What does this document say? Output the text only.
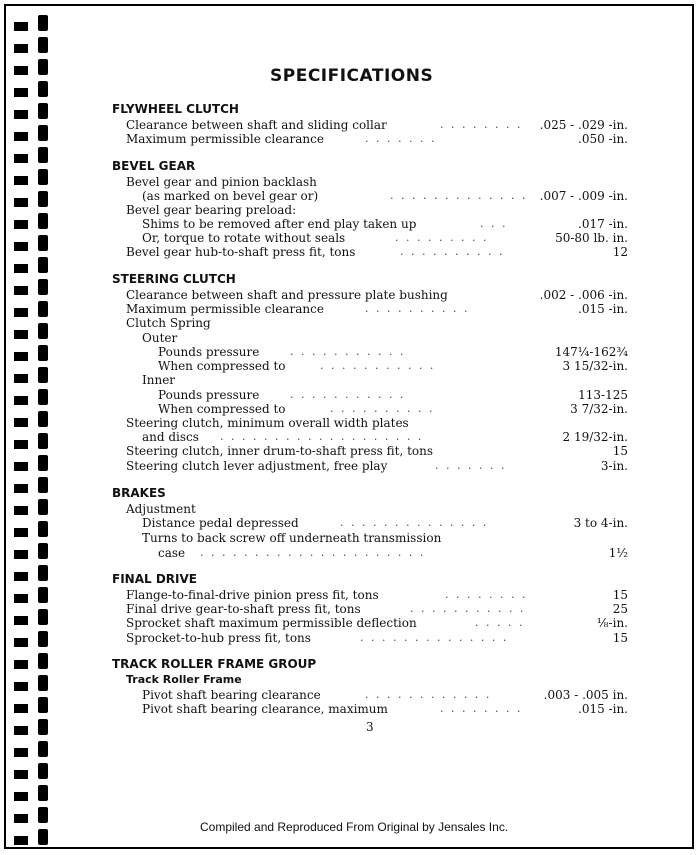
SPECIFICATIONS
FLYWHEEL CLUTCH
Clearance between shaft and sliding collar	. . . . . . . . .025 - .029 -in.
Maximum permissible clearance	. . . . . . .	.050 -in.
BEVEL GEAR
Bevel gear and pinion backlash
(as marked on bevel gear or)	. . . . . . . . . . . . . .007 - .009 -in.
Bevel gear bearing preload:
Shims to be removed after end play taken up	. . .	.017 -in.
Or, torque to rotate without seals	. . . . . . . . .	50-80 lb. in.
Bevel gear hub-to-shaft press fit, tons	. . . . . . . . . .	12
STEERING CLUTCH
Clearance between shaft and pressure plate bushing	.002 - .006 -in.
Maximum permissible clearance	. . . . . . . . . .	.015 -in.
Clutch Spring
Outer
Pounds pressure	. . . . . . . . . . .	147¼-162¾
When compressed to	. . . . . . . . . . .	3 15/32-in.
Inner
Pounds pressure	. . . . . . . . . . .	113-125
When compressed to	. . . . . . . . . .	3 7/32-in.
Steering clutch, minimum overall width plates
and discs . . . . . . . . . . . . . . . . . . .	2 19/32-in.
Steering clutch, inner drum-to-shaft press fit, tons	15
Steering clutch lever adjustment, free play	. . . . . . .	3-in.
BRAKES
Adjustment
Distance pedal depressed	. . . . . . . . . . . . . .	3 to 4-in.
Turns to back screw off underneath transmission
case . . . . . . . . . . . . . . . . . . . . .	1½
FINAL DRIVE
Flange-to-final-drive pinion press fit, tons	. . . . . . . .	15
Final drive gear-to-shaft press fit, tons	. . . . . . . . . . .	25
Sprocket shaft maximum permissible deflection	. . . . .	⅛-in.
Sprocket-to-hub press fit, tons	. . . . . . . . . . . . . .	15
TRACK ROLLER FRAME GROUP
Track Roller Frame
Pivot shaft bearing clearance	. . . . . . . . . . . .	.003 - .005 in.
Pivot shaft bearing clearance, maximum	. . . . . . . .	.015 -in.
3
Compiled and Reproduced From Original by Jensales Inc.
